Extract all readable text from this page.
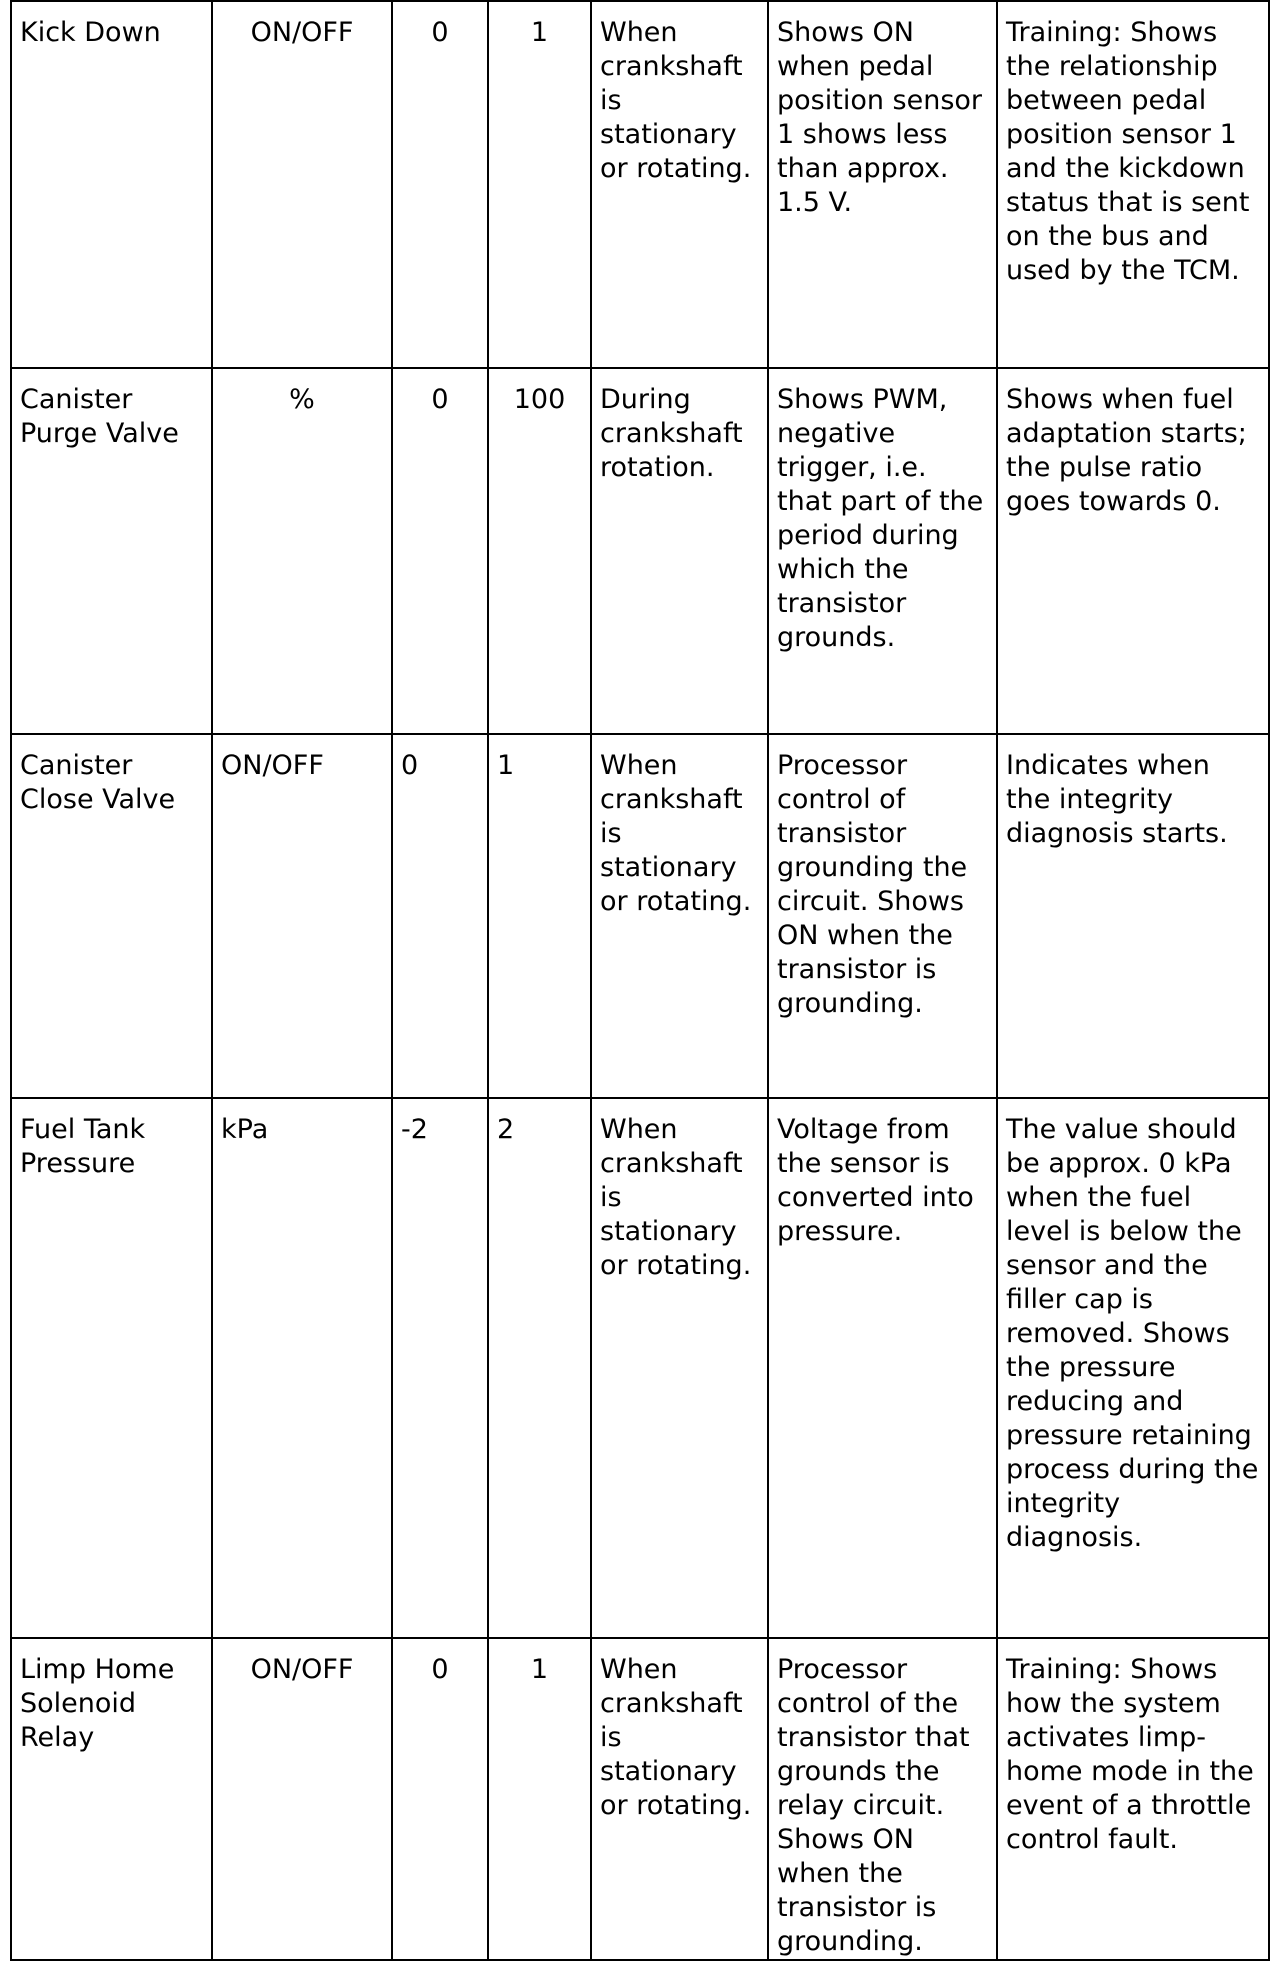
Kick Down	ON/OFF	0	1	When crankshaft is stationary or rotating.	Shows ON when pedal position sensor 1 shows less than approx. 1.5 V.	Training: Shows the relationship between pedal position sensor 1 and the kickdown status that is sent on the bus and used by the TCM.
Canister Purge Valve	%	0	100	During crankshaft rotation.	Shows PWM, negative trigger, i.e. that part of the period during which the transistor grounds.	Shows when fuel adaptation starts; the pulse ratio goes towards 0.
Canister Close Valve	ON/OFF	0	1	When crankshaft is stationary or rotating.	Processor control of transistor grounding the circuit. Shows ON when the transistor is grounding.	Indicates when the integrity diagnosis starts.
Fuel Tank Pressure	kPa	-2	2	When crankshaft is stationary or rotating.	Voltage from the sensor is converted into pressure.	The value should be approx. 0 kPa when the fuel level is below the sensor and the filler cap is removed. Shows the pressure reducing and pressure retaining process during the integrity diagnosis.
Limp Home Solenoid Relay	ON/OFF	0	1	When crankshaft is stationary or rotating.	Processor control of the transistor that grounds the relay circuit. Shows ON when the transistor is grounding.	Training: Shows how the system activates limp-home mode in the event of a throttle control fault.
